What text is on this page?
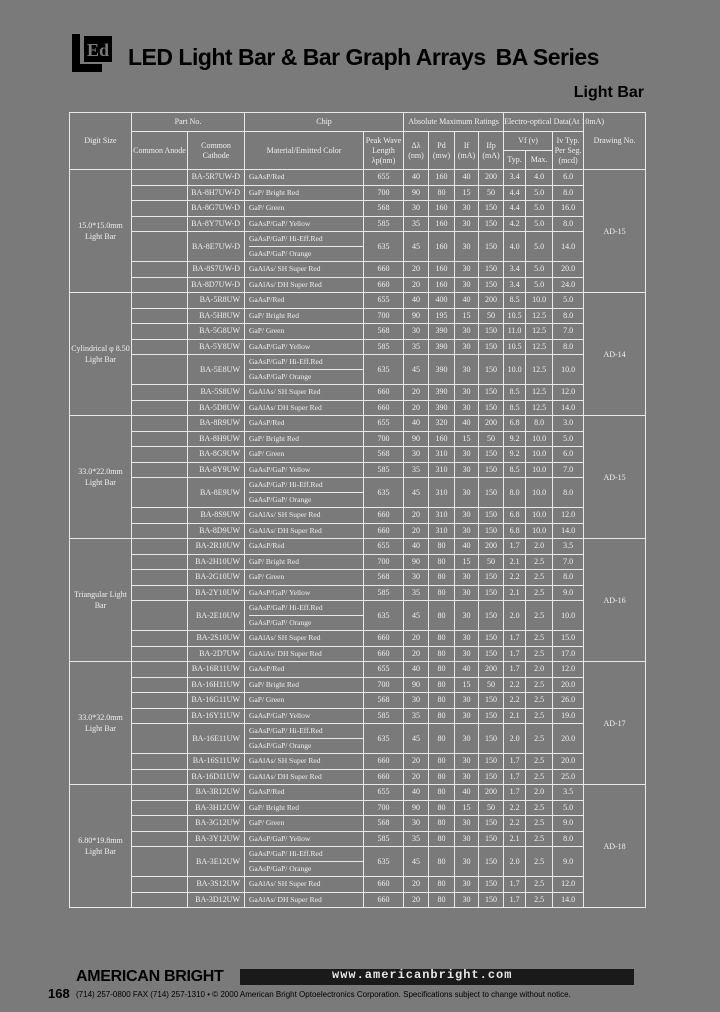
Ed LED Light Bar & Bar Graph Arrays BA Series
Light Bar
Digit Size	Part No.		Chip		Absolute Maximum Ratings				Electro-optical Data(At 10mA)			Drawing No.
	Common Anode	Common Cathode	Material/Emitted Color	Peak Wave Length λp(nm)	Δλ (nm)	Pd (mw)	If (mA)	Ifp (mA)	Vf (v)		Iv Typ. Per Seg. (mcd)	
									Typ.	Max.		
15.0*15.0mm Light Bar		BA-5R7UW-D	GaAsP/Red	655	40	160	40	200	3.4	4.0	6.0	AD-15
		BA-8H7UW-D	GaP/ Bright Red	700	90	80	15	50	4.4	5.0	8.0	
		BA-8G7UW-D	GaP/ Green	568	30	160	30	150	4.4	5.0	16.0	
		BA-8Y7UW-D	GaAsP/GaP/ Yellow	585	35	160	30	150	4.2	5.0	8.0	
		BA-8E7UW-D	GaAsP/GaP/ Hi-Eff.Red
GaAsP/GaP/ Orange	635	45	160	30	150	4.0	5.0	14.0	
		BA-8S7UW-D	GaAlAs/ SH Super Red	660	20	160	30	150	3.4	5.0	20.0	
		BA-8D7UW-D	GaAlAs/ DH Super Red	660	20	160	30	150	3.4	5.0	24.0	
Cylindrical φ 8.50 Light Bar		BA-5R8UW	GaAsP/Red	655	40	400	40	200	8.5	10.0	5.0	AD-14
		BA-5H8UW	GaP/ Bright Red	700	90	195	15	50	10.5	12.5	8.0	
		BA-5G8UW	GaP/ Green	568	30	390	30	150	11.0	12.5	7.0	
		BA-5Y8UW	GaAsP/GaP/ Yellow	585	35	390	30	150	10.5	12.5	8.0	
		BA-5E8UW	GaAsP/GaP/ Hi-Eff.Red
GaAsP/GaP/ Orange	635	45	390	30	150	10.0	12.5	10.0	
		BA-5S8UW	GaAlAs/ SH Super Red	660	20	390	30	150	8.5	12.5	12.0	
		BA-5D8UW	GaAlAs/ DH Super Red	660	20	390	30	150	8.5	12.5	14.0	
33.0*22.0mm Light Bar		BA-8R9UW	GaAsP/Red	655	40	320	40	200	6.8	8.0	3.0	AD-15
		BA-8H9UW	GaP/ Bright Red	700	90	160	15	50	9.2	10.0	5.0	
		BA-8G9UW	GaP/ Green	568	30	310	30	150	9.2	10.0	6.0	
		BA-8Y9UW	GaAsP/GaP/ Yellow	585	35	310	30	150	8.5	10.0	7.0	
		BA-8E9UW	GaAsP/GaP/ Hi-Eff.Red
GaAsP/GaP/ Orange	635	45	310	30	150	8.0	10.0	8.0	
		BA-8S9UW	GaAlAs/ SH Super Red	660	20	310	30	150	6.8	10.0	12.0	
		BA-8D9UW	GaAlAs/ DH Super Red	660	20	310	30	150	6.8	10.0	14.0	
Triangular Light Bar		BA-2R10UW	GaAsP/Red	655	40	80	40	200	1.7	2.0	3.5	AD-16
		BA-2H10UW	GaP/ Bright Red	700	90	80	15	50	2.1	2.5	7.0	
		BA-2G10UW	GaP/ Green	568	30	80	30	150	2.2	2.5	8.0	
		BA-2Y10UW	GaAsP/GaP/ Yellow	585	35	80	30	150	2.1	2.5	9.0	
		BA-2E10UW	GaAsP/GaP/ Hi-Eff.Red
GaAsP/GaP/ Orange	635	45	80	30	150	2.0	2.5	10.0	
		BA-2S10UW	GaAlAs/ SH Super Red	660	20	80	30	150	1.7	2.5	15.0	
		BA-2D7UW	GaAlAs/ DH Super Red	660	20	80	30	150	1.7	2.5	17.0	
33.0*32.0mm Light Bar		BA-16R11UW	GaAsP/Red	655	40	80	40	200	1.7	2.0	12.0	AD-17
		BA-16H11UW	GaP/ Bright Red	700	90	80	15	50	2.2	2.5	20.0	
		BA-16G11UW	GaP/ Green	568	30	80	30	150	2.2	2.5	26.0	
		BA-16Y11UW	GaAsP/GaP/ Yellow	585	35	80	30	150	2.1	2.5	19.0	
		BA-16E11UW	GaAsP/GaP/ Hi-Eff.Red
GaAsP/GaP/ Orange	635	45	80	30	150	2.0	2.5	20.0	
		BA-16S11UW	GaAlAs/ SH Super Red	660	20	80	30	150	1.7	2.5	20.0	
		BA-16D11UW	GaAlAs/ DH Super Red	660	20	80	30	150	1.7	2.5	25.0	
6.80*19.8mm Light Bar		BA-3R12UW	GaAsP/Red	655	40	80	40	200	1.7	2.0	3.5	AD-18
		BA-3H12UW	GaP/ Bright Red	700	90	80	15	50	2.2	2.5	5.0	
		BA-3G12UW	GaP/ Green	568	30	80	30	150	2.2	2.5	9.0	
		BA-3Y12UW	GaAsP/GaP/ Yellow	585	35	80	30	150	2.1	2.5	8.0	
		BA-3E12UW	GaAsP/GaP/ Hi-Eff.Red
GaAsP/GaP/ Orange	635	45	80	30	150	2.0	2.5	9.0	
		BA-3S12UW	GaAlAs/ SH Super Red	660	20	80	30	150	1.7	2.5	12.0	
		BA-3D12UW	GaAlAs/ DH Super Red	660	20	80	30	150	1.7	2.5	14.0	
AMERICAN BRIGHT	www.americanbright.com
168 (714) 257-0800 FAX (714) 257-1310 • © 2000 American Bright Optoelectronics Corporation. Specifications subject to change without notice.
